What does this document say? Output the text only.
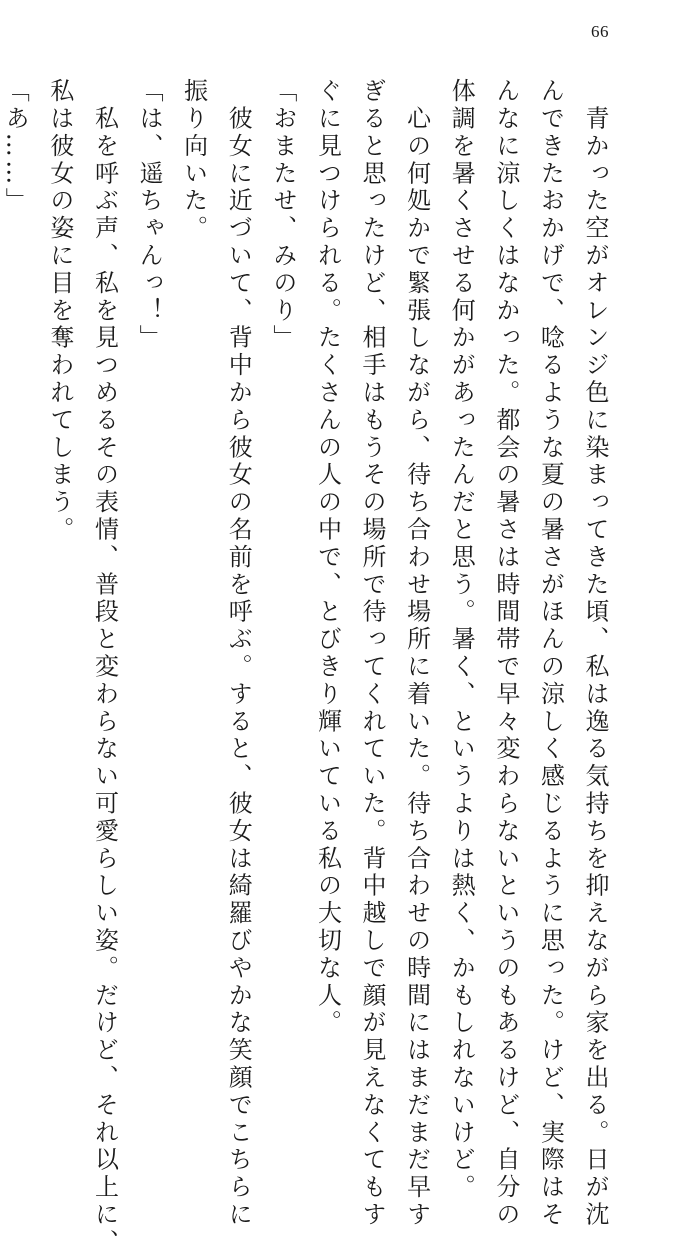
66
　青かった空がオレンジ色に染まってきた頃、私は逸る気持ちを抑えながら家を出る。日が沈
んできたおかげで、唸るような夏の暑さがほんの涼しく感じるように思った。けど、実際はそ
んなに涼しくはなかった。都会の暑さは時間帯で早々変わらないというのもあるけど、自分の
体調を暑くさせる何かがあったんだと思う。暑く、というよりは熱く、かもしれないけど。
　心の何処かで緊張しながら、待ち合わせ場所に着いた。待ち合わせの時間にはまだまだ早す
ぎると思ったけど、相手はもうその場所で待ってくれていた。背中越しで顔が見えなくてもす
ぐに見つけられる。たくさんの人の中で、とびきり輝いている私の大切な人。
「おまたせ、みのり」
　彼女に近づいて、背中から彼女の名前を呼ぶ。すると、彼女は綺羅びやかな笑顔でこちらに
振り向いた。
「は、遥ちゃんっ！」
　私を呼ぶ声、私を見つめるその表情、普段と変わらない可愛らしい姿。だけど、それ以上に、
私は彼女の姿に目を奪われてしまう。
「あ……」
